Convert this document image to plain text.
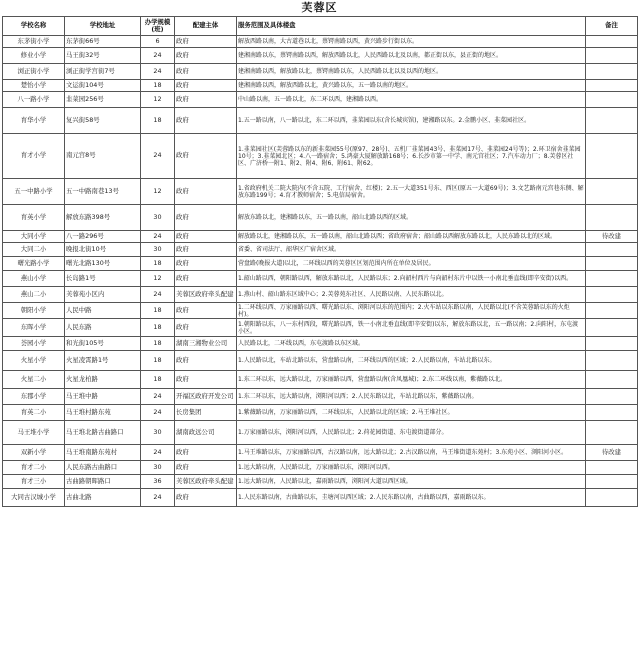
芙蓉区
学校名称	学校地址	办学规模(班)	配建主体	服务范围及具体楼盘	备注
东茅街小学	东茅街66号	6	政府	解放西路以南，大古道巷以北，蔡锷南路以西，黄兴路步行街以东。	
修业小学	马王街32号	24	政府	建湘南路以东，蔡锷南路以西，解放西路以北，人民西路以北及以南，都正街以东，县正街的地区。	
浏正街小学	浏正街学宫街7号	24	政府	建湘南路以西，解放路以北，蔡锷南路以东，人民西路以北以及以西的地区。	
楚怡小学	文运街104号	18	政府	建湘南路以西，解放西路以北，黄兴路以东，五一路以南的地区。	
八一路小学	韭菜园256号	12	政府	中山路以南，五一路以北，东二环以西，建湘路以西。	
育华小学	复兴街58号	18	政府	1.五一路以南，八一路以北，东二环以西，韭菜园以东(含长城宾馆)，建湘路以东。2.金鹏小区、韭菜园社区。	
育才小学	南元宫8号	24	政府	1.韭菜园社区(芙蓉路以东的新韭菜园55号(原97、28号)、五机厂韭菜园43号、韭菜园17号、韭菜园24号等)；2.环卫宿舍韭菜园10号；3.韭菜园北区；4.八一路宿舍；5.鸿豪大厦解放路168号；6.长沙市第一中学、南元宫社区；7.汽车动力厂；8.芙蓉区社区、广济桥一附1、附2、附4、附6、附61、附62。	
五一中路小学	五一中路南巷13号	12	政府	1.省政府机关二院大院内(不含五院、工行宿舍、红楼)；2.五一大道351号东、西区(原五一大道69号)；3.文艺路南元宫巷东侧、解放东路199号；4.育才教师宿舍；5.电信局宿舍。	
育英小学	解放东路398号	30	政府	解放东路以北，建湘路以东，五一路以南，韶山北路以西的区域。	
大同小学	八一路296号	24	政府	解放路以北，建湘路以东，五一路以南，韶山北路以西；省政府宿舍；韶山路以西解放东路以北，人民东路以北的区域。	待改建
大同二小	晚报北街10号	30	政府	省委、省司法厅、韶华区广宿舍区域。	
曙光路小学	曙光北路130号	18	政府	营盘路(晚报大道)以北，二环线以西的芙蓉区区划范围内所在单位及居民。	
燕山小学	长岛路1号	12	政府	1.韶山路以西，朝阳路以西，解放东路以北，人民路以东；2.向韶村西片与向韶村东片中以铁一小南北垂直线(即辛安街)以西。	
燕山二小	芙蓉苑小区内	24	芙蓉区政府牵头配建	1.燕山村、韶山路东区域中心；2.芙蓉苑东社区、人民路以南、人民东路以北。	
朝阳小学	人民中路	18	政府	1.二环线以西、万家丽路以西、曙光路以东、浏阳河以东的范围内；2.火车站以东路以南，人民路以北(不含芙蓉路以东的火炬村)。	
东晖小学	人民东路	18	政府	1.朝阳路以东，八一东村西段，曙光路以西，铁一小南北垂直线(即辛安街)以东，解放东路以北，五一路以南；2.向阳村，东屯渡小区。	
荟园小学	和光街105号	18	湖南三湘物业公司	人民路以北，二环线以西，东屯渡路以东区域。	
火星小学	火星凌霄路1号	18	政府	1.人民路以北，车站北路以东，营盘路以南，二环线以西的区域；2.人民路以南，车站北路以东。	
火星二小	火星龙柏路	18	政府	1.东二环以东，远大路以北，万家丽路以西，营盘路以南(含凤凰城)；2.东二环线以南，紫薇路以北。	
东郡小学	马王堆中路	24	开福区政府开发公司	1.东二环以东，远大路以南，浏阳河以西；2.人民东路以北，车站北路以东，紫薇路以南。	
育英二小	马王堆村路东苑	24	长房集团	1.紫薇路以南，万家丽路以西，二环线以东，人民路以北的区域；2.马王堆社区。	
马王堆小学	马王堆北路古曲路口	30	湖南政远公司	1.万家丽路以东，浏阳河以西，人民路以北；2.荷花园街道、东屯渡街道部分。	
双新小学	马王堆南路东苑村	24	政府	1.马王堆路以东，万家丽路以西，古汉路以南，远大路以北；2.古汉路以南，马王堆街道东苑村；3.东苑小区、浏阳河小区。	待改建
育才二小	人民东路古曲路口	30	政府	1.远大路以南，人民路以北，万家丽路以东，浏阳河以西。	
育才三小	古曲路朝晖路口	36	芙蓉区政府牵头配建	1.远大路以南，人民路以北，嘉雨路以西，浏阳河大道以西区域。	
大同古汉城小学	古曲北路	24	政府	1.人民东路以南，古曲路以东，圭塘河以西区域；2.人民东路以南，古曲路以西，嘉雨路以东。	
